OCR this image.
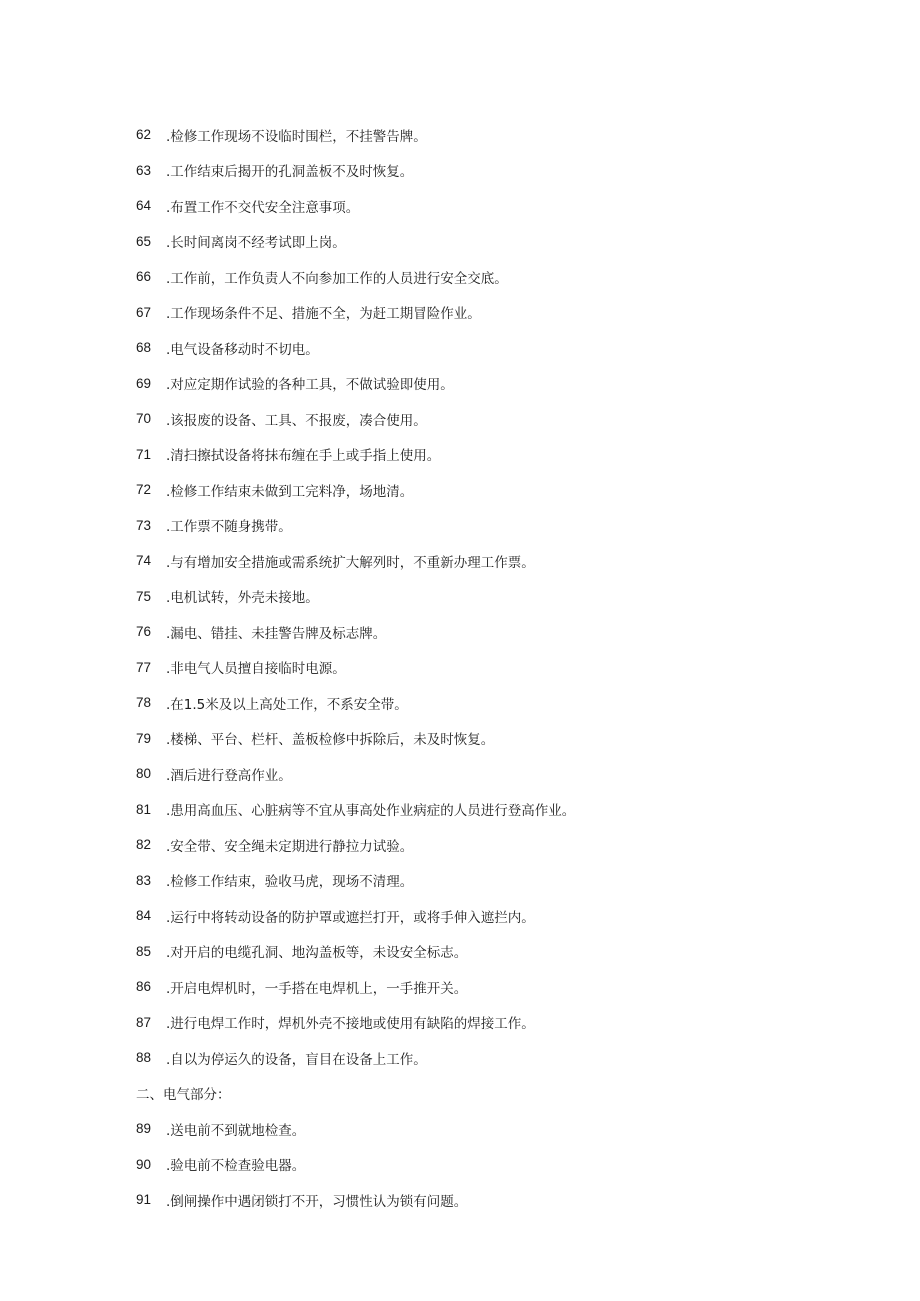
62	.检修工作现场不设临时围栏，不挂警告牌。
63	.工作结束后揭开的孔洞盖板不及时恢复。
64	.布置工作不交代安全注意事项。
65	.长时间离岗不经考试即上岗。
66	.工作前，工作负责人不向参加工作的人员进行安全交底。
67	.工作现场条件不足、措施不全，为赶工期冒险作业。
68	.电气设备移动时不切电。
69	.对应定期作试验的各种工具，不做试验即使用。
70	.该报废的设备、工具、不报废，凑合使用。
71	.清扫擦拭设备将抹布缠在手上或手指上使用。
72	.检修工作结束未做到工完料净，场地清。
73	.工作票不随身携带。
74	.与有增加安全措施或需系统扩大解列时，不重新办理工作票。
75	.电机试转，外壳未接地。
76	.漏电、错挂、未挂警告牌及标志牌。
77	.非电气人员擅自接临时电源。
78	.在1.5米及以上高处工作，不系安全带。
79	.楼梯、平台、栏杆、盖板检修中拆除后，未及时恢复。
80	.酒后进行登高作业。
81	.患用高血压、心脏病等不宜从事高处作业病症的人员进行登高作业。
82	.安全带、安全绳未定期进行静拉力试验。
83	.检修工作结束，验收马虎，现场不清理。
84	.运行中将转动设备的防护罩或遮拦打开，或将手伸入遮拦内。
85	.对开启的电缆孔洞、地沟盖板等，未设安全标志。
86	.开启电焊机时，一手搭在电焊机上，一手推开关。
87	.进行电焊工作时，焊机外壳不接地或使用有缺陷的焊接工作。
88	.自以为停运久的设备，盲目在设备上工作。
二、电气部分：
89	.送电前不到就地检查。
90	.验电前不检查验电器。
91	.倒闸操作中遇闭锁打不开，习惯性认为锁有问题。
